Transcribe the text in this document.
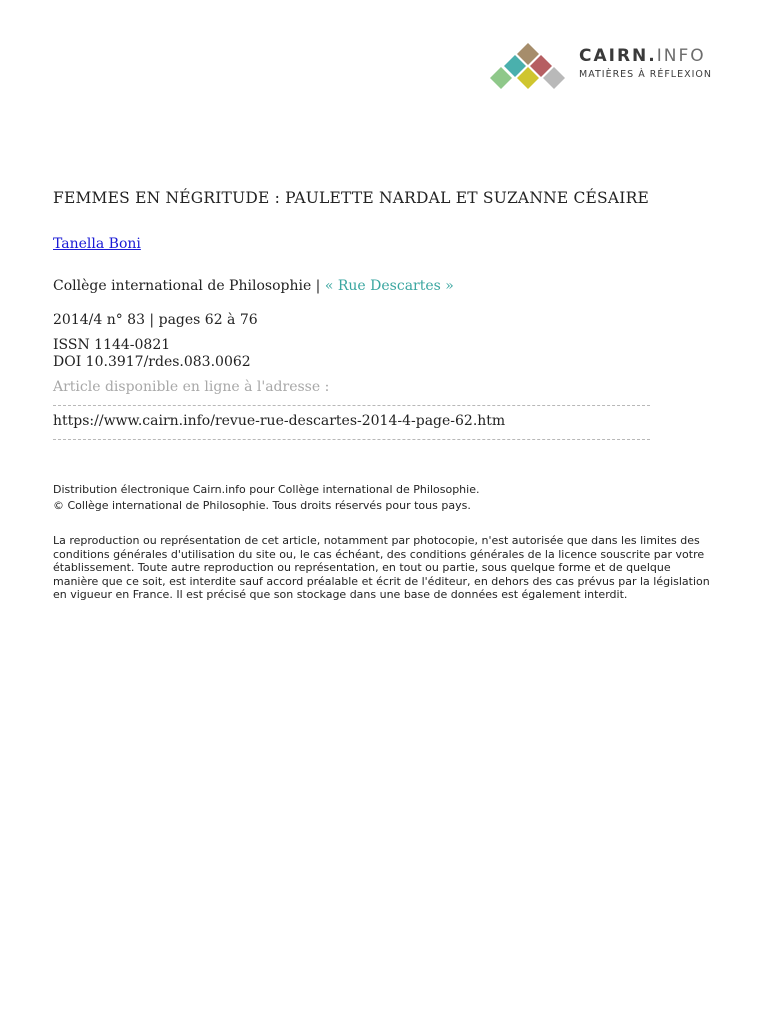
CAIRN.INFO
MATIÈRES À RÉFLEXION
FEMMES EN NÉGRITUDE : PAULETTE NARDAL ET SUZANNE CÉSAIRE
Tanella Boni
Collège international de Philosophie | « Rue Descartes »
2014/4 n° 83 | pages 62 à 76
ISSN 1144-0821
DOI 10.3917/rdes.083.0062
Article disponible en ligne à l'adresse :
https://www.cairn.info/revue-rue-descartes-2014-4-page-62.htm
Distribution électronique Cairn.info pour Collège international de Philosophie.
© Collège international de Philosophie. Tous droits réservés pour tous pays.
La reproduction ou représentation de cet article, notamment par photocopie, n'est autorisée que dans les limites des conditions générales d'utilisation du site ou, le cas échéant, des conditions générales de la licence souscrite par votre établissement. Toute autre reproduction ou représentation, en tout ou partie, sous quelque forme et de quelque manière que ce soit, est interdite sauf accord préalable et écrit de l'éditeur, en dehors des cas prévus par la législation en vigueur en France. Il est précisé que son stockage dans une base de données est également interdit.
